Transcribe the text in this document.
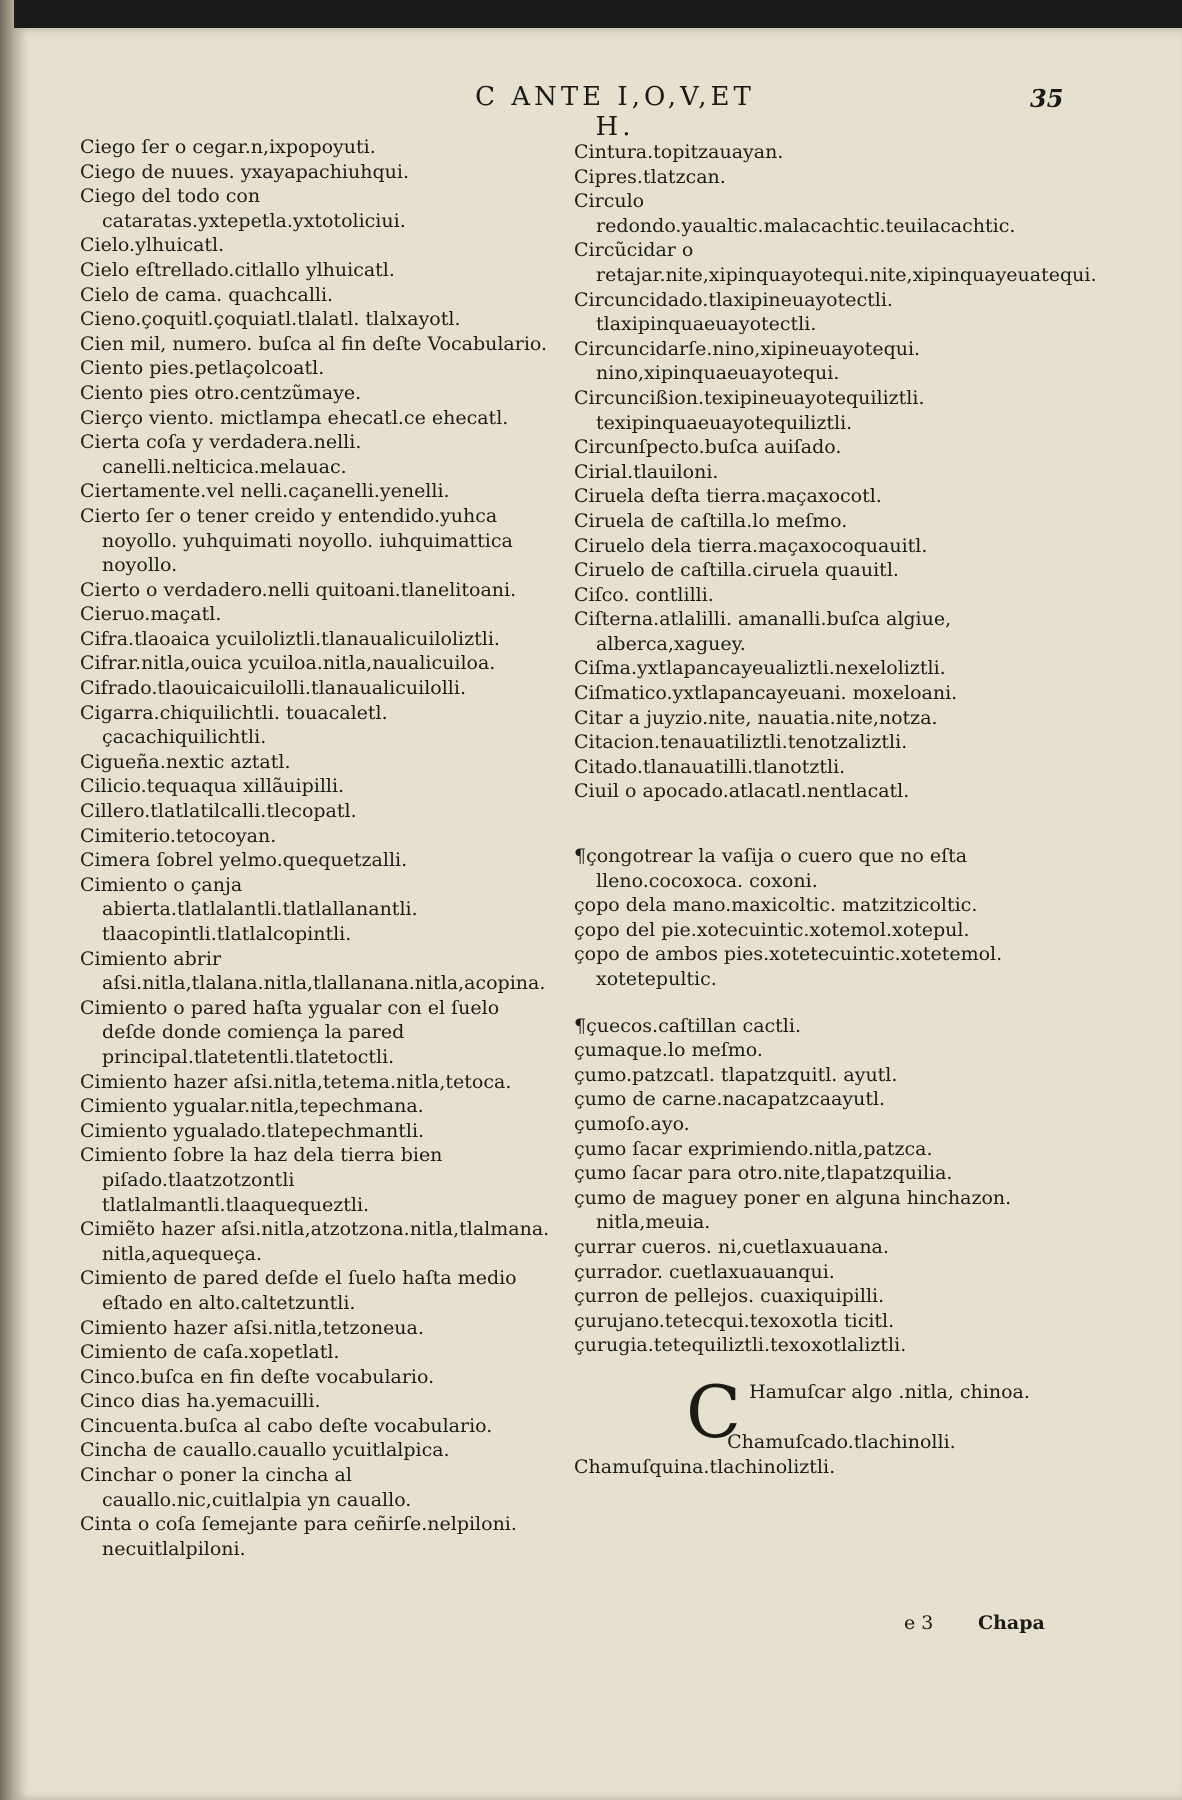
C ANTE I,O,V,ET H.
35

Ciego ſer o cegar.n,ixpopoyuti.

Ciego de nuues. yxayapachiuhqui.

Ciego del todo con cataratas.yxtepetla.yxtotoliciui.

Cielo.ylhuicatl.

Cielo eſtrellado.citlallo ylhuicatl.

Cielo de cama. quachcalli.

Cieno.çoquitl.çoquiatl.tlalatl. tlalxayotl.

Cien mil, numero. buſca al fin deſte Vocabulario.

Ciento pies.petlaçolcoatl.

Ciento pies otro.centzũmaye.

Cierço viento. mictlampa ehecatl.ce ehecatl.

Cierta coſa y verdadera.nelli. canelli.nelticica.melauac.

Ciertamente.vel nelli.caçanelli.yenelli.

Cierto ſer o tener creido y entendido.yuhca noyollo. yuhquimati noyollo. iuhquimattica noyollo.

Cierto o verdadero.nelli quitoani.tlanelitoani.

Cieruo.maçatl.

Cifra.tlaoaica ycuiloliztli.tlanaualicuiloliztli.

Cifrar.nitla,ouica ycuiloa.nitla,naualicuiloa.

Cifrado.tlaouicaicuilolli.tlanaualicuilolli.

Cigarra.chiquilichtli. touacaletl. çacachiquilichtli.

Cigueña.nextic aztatl.

Cilicio.tequaqua xillãuipilli.

Cillero.tlatlatilcalli.tlecopatl.

Cimiterio.tetocoyan.

Cimera ſobrel yelmo.quequetzalli.

Cimiento o çanja abierta.tlatlalantli.tlatlallanantli. tlaacopintli.tlatlalcopintli.

Cimiento abrir aſsi.nitla,tlalana.nitla,tlallanana.nitla,acopina.

Cimiento o pared haſta ygualar con el ſuelo deſde donde comiença la pared principal.tlatetentli.tlatetoctli.

Cimiento hazer aſsi.nitla,tetema.nitla,tetoca.

Cimiento ygualar.nitla,tepechmana.

Cimiento ygualado.tlatepechmantli.

Cimiento ſobre la haz dela tierra bien piſado.tlaatzotzontli tlatlalmantli.tlaaquequeztli.

Cimiẽto hazer aſsi.nitla,atzotzona.nitla,tlalmana. nitla,aquequeça.

Cimiento de pared deſde el ſuelo haſta medio eſtado en alto.caltetzuntli.

Cimiento hazer aſsi.nitla,tetzoneua.

Cimiento de caſa.xopetlatl.

Cinco.buſca en fin deſte vocabulario.

Cinco dias ha.yemacuilli.

Cincuenta.buſca al cabo deſte vocabulario.

Cincha de cauallo.cauallo ycuitlalpica.

Cinchar o poner la cincha al cauallo.nic,cuitlalpia yn cauallo.

Cinta o coſa ſemejante para ceñirſe.nelpiloni. necuitlalpiloni.

Cintura.topitzauayan.

Cipres.tlatzcan.

Circulo redondo.yaualtic.malacachtic.teuilacachtic.

Circũcidar o retajar.nite,xipinquayotequi.nite,xipinquayeuatequi.

Circuncidado.tlaxipineuayotectli. tlaxipinquaeuayotectli.

Circuncidarſe.nino,xipineuayotequi. nino,xipinquaeuayotequi.

Circuncißion.texipineuayotequiliztli. texipinquaeuayotequiliztli.

Circunſpecto.buſca auiſado.

Cirial.tlauiloni.

Ciruela deſta tierra.maçaxocotl.

Ciruela de caſtilla.lo meſmo.

Ciruelo dela tierra.maçaxocoquauitl.

Ciruelo de caſtilla.ciruela quauitl.

Ciſco. contlilli.

Ciſterna.atlalilli. amanalli.buſca algiue, alberca,xaguey.

Ciſma.yxtlapancayeualiztli.nexeloliztli.

Ciſmatico.yxtlapancayeuani. moxeloani.

Citar a juyzio.nite, nauatia.nite,notza.

Citacion.tenauatiliztli.tenotzaliztli.

Citado.tlanauatilli.tlanotztli.

Ciuil o apocado.atlacatl.nentlacatl.

¶çongotrear la vaſija o cuero que no eſta lleno.cocoxoca. coxoni.

çopo dela mano.maxicoltic. matzitzicoltic.

çopo del pie.xotecuintic.xotemol.xotepul.

çopo de ambos pies.xotetecuintic.xotetemol. xotetepultic.

¶çuecos.caſtillan cactli.

çumaque.lo meſmo.

çumo.patzcatl. tlapatzquitl. ayutl.

çumo de carne.nacapatzcaayutl.

çumoſo.ayo.

çumo ſacar exprimiendo.nitla,patzca.

çumo ſacar para otro.nite,tlapatzquilia.

çumo de maguey poner en alguna hinchazon. nitla,meuia.

çurrar cueros. ni,cuetlaxuauana.

çurrador. cuetlaxuauanqui.

çurron de pellejos. cuaxiquipilli.

çurujano.tetecqui.texoxotla ticitl.

çurugia.tetequiliztli.texoxotlaliztli.

C Hamuſcar algo .nitla, chinoa.

Chamuſcado.tlachinolli.

Chamuſquina.tlachinoliztli.

e 3 Chapa
